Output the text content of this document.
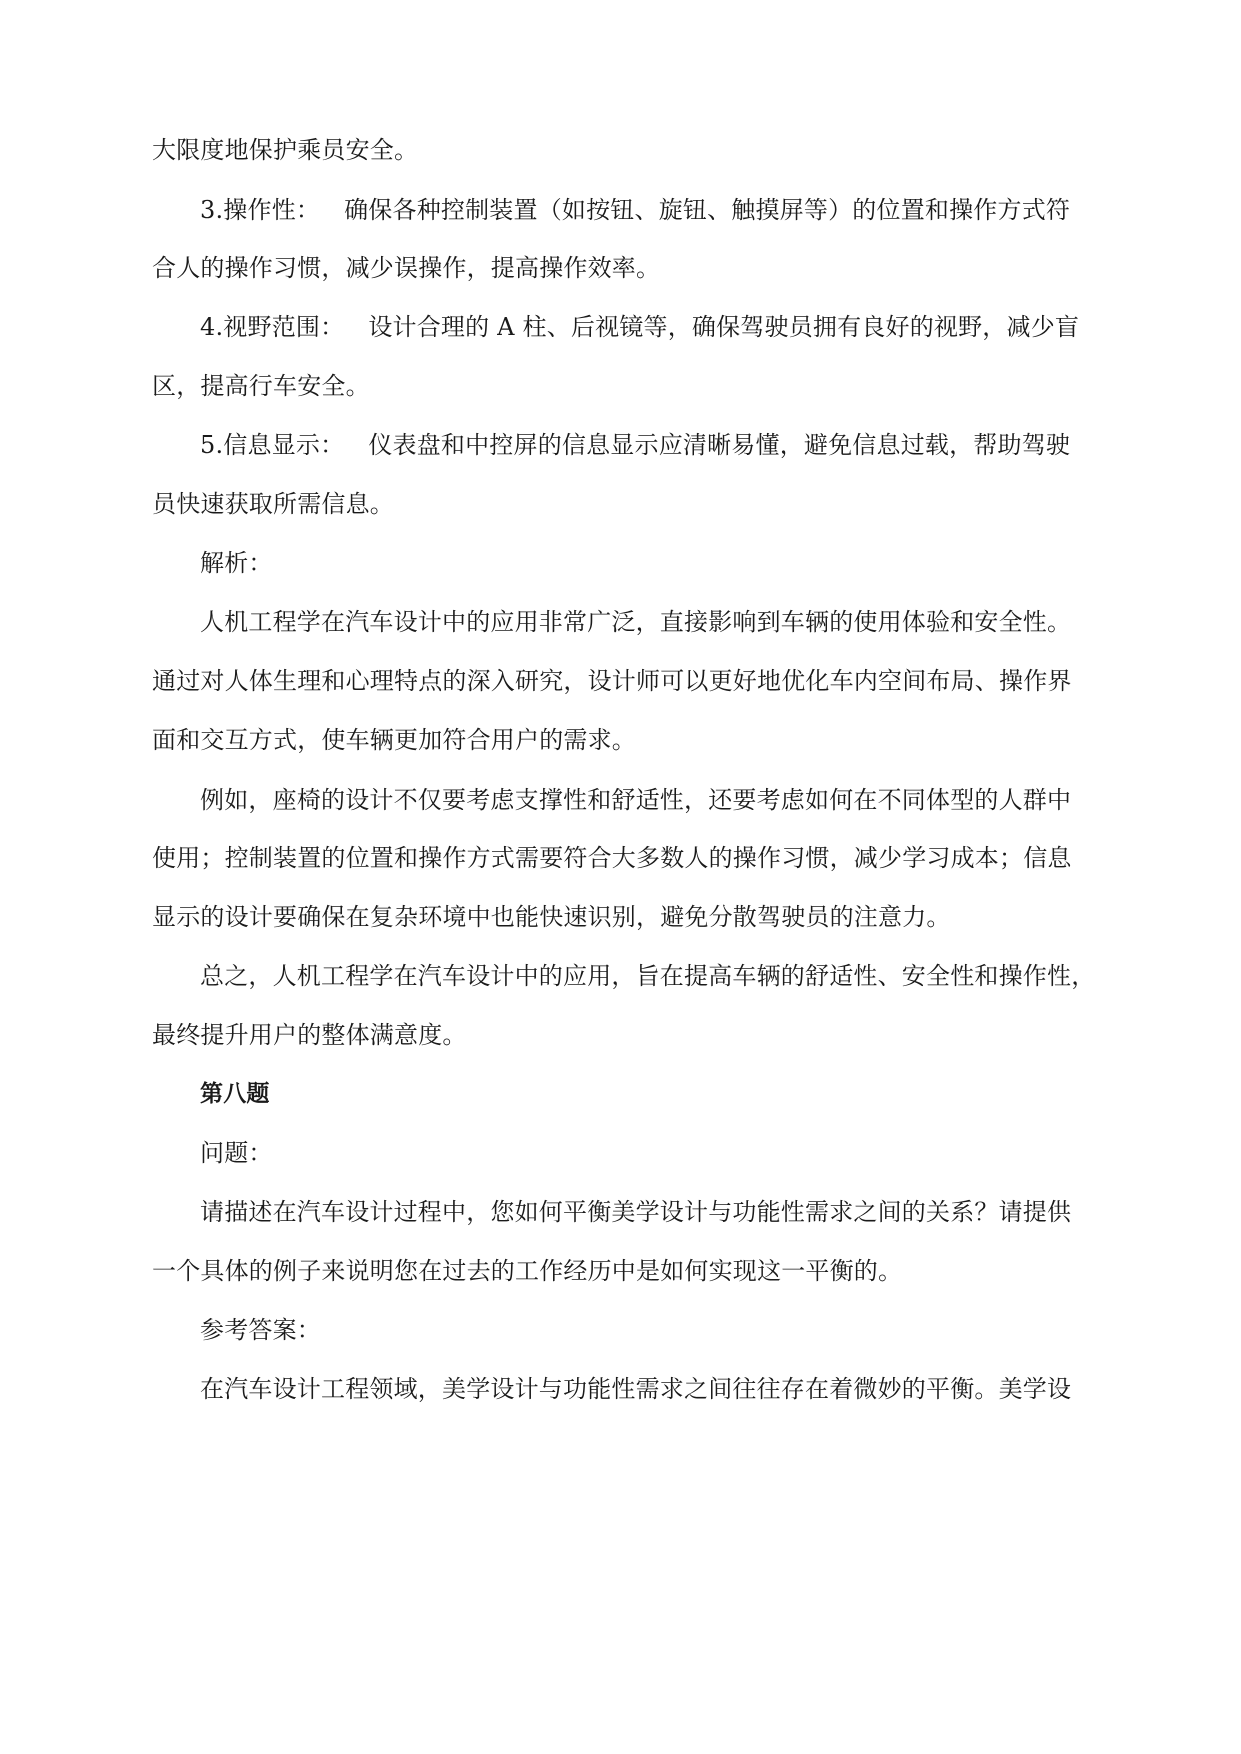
大限度地保护乘员安全。
3.操作性： 确保各种控制装置（如按钮、旋钮、触摸屏等）的位置和操作方式符
合人的操作习惯，减少误操作，提高操作效率。
4.视野范围： 设计合理的 A 柱、后视镜等，确保驾驶员拥有良好的视野，减少盲
区，提高行车安全。
5.信息显示： 仪表盘和中控屏的信息显示应清晰易懂，避免信息过载，帮助驾驶
员快速获取所需信息。
解析：
人机工程学在汽车设计中的应用非常广泛，直接影响到车辆的使用体验和安全性。
通过对人体生理和心理特点的深入研究，设计师可以更好地优化车内空间布局、操作界
面和交互方式，使车辆更加符合用户的需求。
例如，座椅的设计不仅要考虑支撑性和舒适性，还要考虑如何在不同体型的人群中
使用；控制装置的位置和操作方式需要符合大多数人的操作习惯，减少学习成本；信息
显示的设计要确保在复杂环境中也能快速识别，避免分散驾驶员的注意力。
总之，人机工程学在汽车设计中的应用，旨在提高车辆的舒适性、安全性和操作性，
最终提升用户的整体满意度。
第八题
问题：
请描述在汽车设计过程中，您如何平衡美学设计与功能性需求之间的关系？请提供
一个具体的例子来说明您在过去的工作经历中是如何实现这一平衡的。
参考答案：
在汽车设计工程领域，美学设计与功能性需求之间往往存在着微妙的平衡。美学设
